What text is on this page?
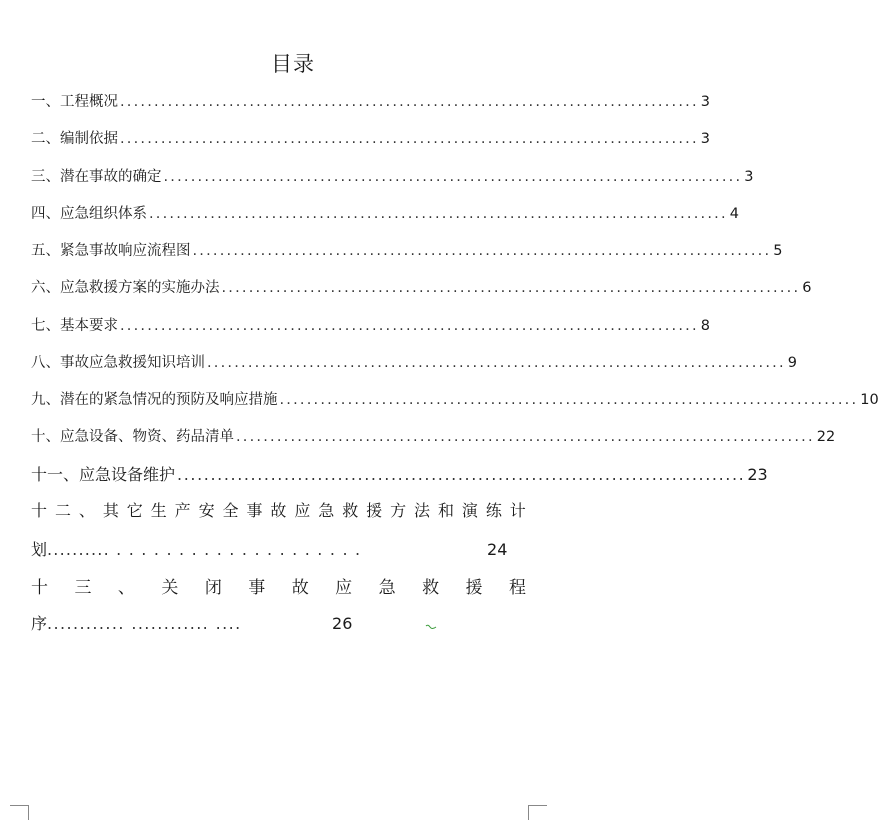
目录
一、工程概况 ..................................................................................... 3
二、编制依据 ..................................................................................... 3
三、潜在事故的确定 ..................................................................................... 3
四、应急组织体系 ..................................................................................... 4
五、紧急事故响应流程图 ..................................................................................... 5
六、应急救援方案的实施办法 ..................................................................................... 6
七、基本要求 ..................................................................................... 8
八、事故应急救援知识培训 ..................................................................................... 9
九、潜在的紧急情况的预防及响应措施 ..................................................................................... 10
十、应急设备、物资、药品清单 ..................................................................................... 22
十一、应急设备维护 ..................................................................................... 23
十 二 、 其 它 生 产 安 全 事 故 应 急 救 援 方 法 和 演 练 计
划 .......... . . . . . . . . . . . . . . . . . . . .	24
十 三 、 关 闭 事 故 应 急 救 援 程
序 ............ ............ ....	26
